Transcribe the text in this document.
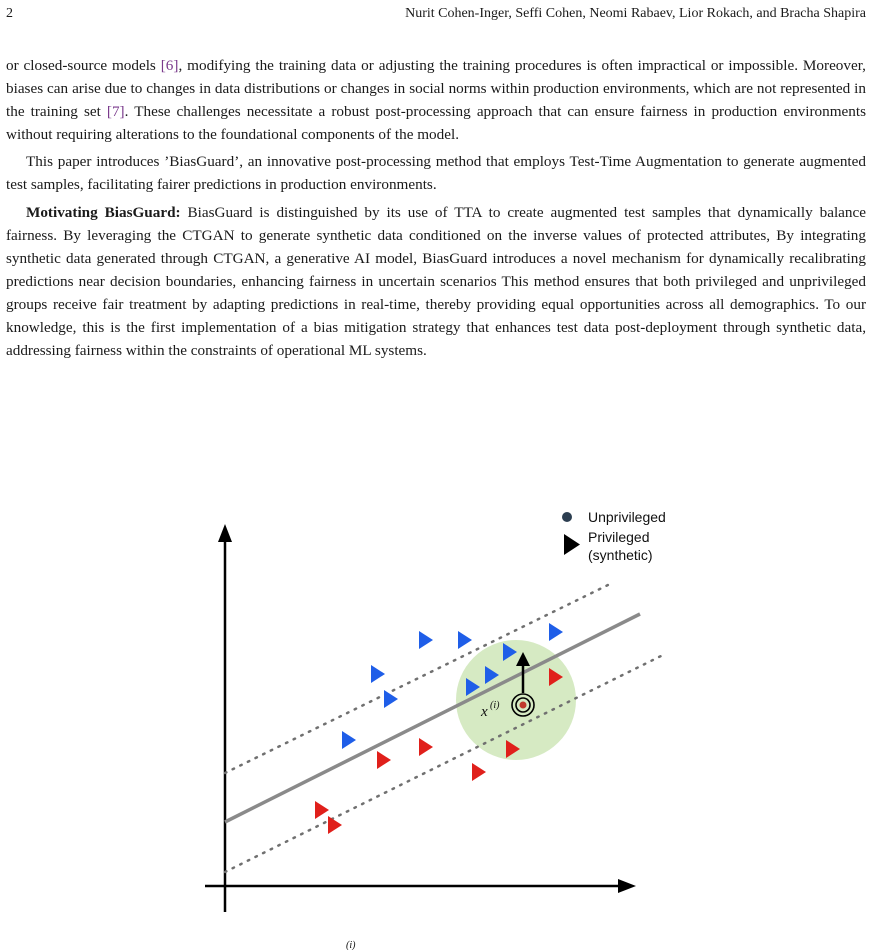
2	Nurit Cohen-Inger, Seffi Cohen, Neomi Rabaev, Lior Rokach, and Bracha Shapira

or closed-source models [6], modifying the training data or adjusting the training procedures is often impractical or impossible. Moreover, biases can arise due to changes in data distributions or changes in social norms within production environments, which are not represented in the training set [7]. These challenges necessitate a robust post-processing approach that can ensure fairness in production environments without requiring alterations to the foundational components of the model.

This paper introduces ’BiasGuard’, an innovative post-processing method that employs Test-Time Augmentation to generate augmented test samples, facilitating fairer predictions in production environments.

Motivating BiasGuard: BiasGuard is distinguished by its use of TTA to create augmented test samples that dynamically balance fairness. By leveraging the CTGAN to generate synthetic data conditioned on the inverse values of protected attributes, By integrating synthetic data generated through CTGAN, a generative AI model, BiasGuard introduces a novel mechanism for dynamically recalibrating predictions near decision boundaries, enhancing fairness in uncertain scenarios This method ensures that both privileged and unprivileged groups receive fair treatment by adapting predictions in real-time, thereby providing equal opportunities across all demographics. To our knowledge, this is the first implementation of a bias mitigation strategy that enhances test data post-deployment through synthetic data, addressing fairness within the constraints of operational ML systems.

x (i)
Unprivileged
Privileged
(synthetic)
(i)
